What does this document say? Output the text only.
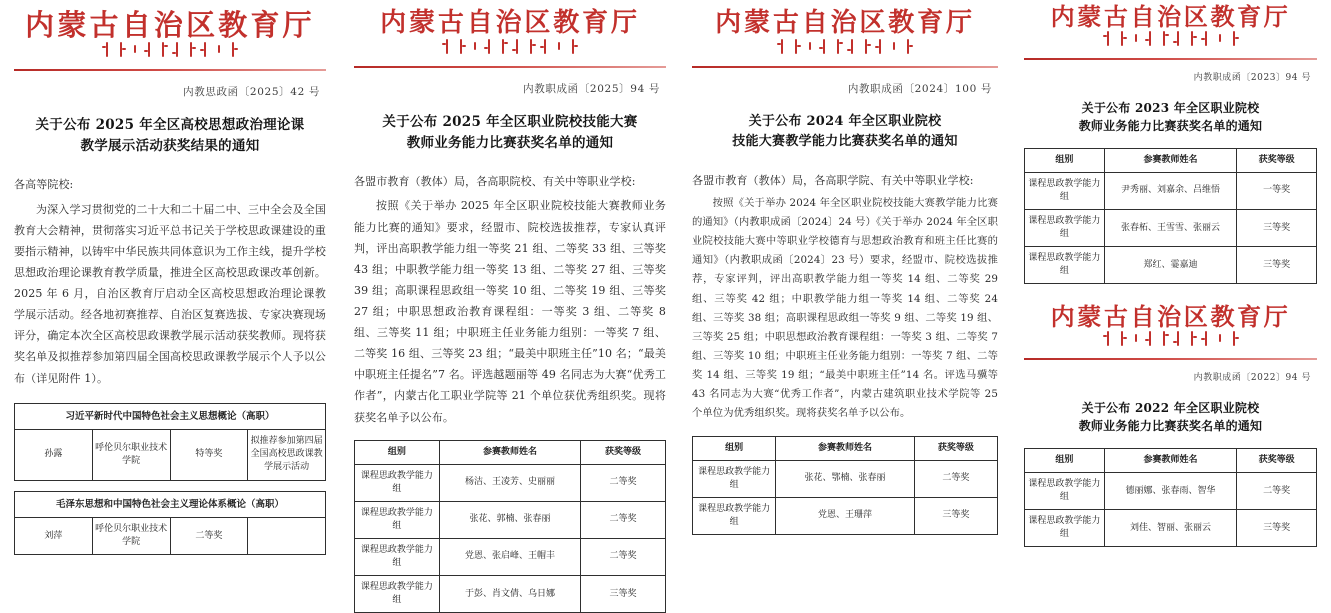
内蒙古自治区教育厅
内教思政函〔2025〕42 号
关于公布 2025 年全区高校思想政治理论课
教学展示活动获奖结果的通知
各高等院校:
为深入学习贯彻党的二十大和二十届二中、三中全会及全国教育大会精神，贯彻落实习近平总书记关于学校思政课建设的重要指示精神，以铸牢中华民族共同体意识为工作主线，提升学校思想政治理论课教育教学质量，推进全区高校思政课改革创新。2025 年 6 月，自治区教育厅启动全区高校思想政治理论课教学展示活动。经各地初赛推荐、自治区复赛选拔、专家决赛现场评分，确定本次全区高校思政课教学展示活动获奖教师。现将获奖名单及拟推荐参加第四届全国高校思政课教学展示个人予以公布（详见附件 1）。
习近平新时代中国特色社会主义思想概论（高职）
孙露	呼伦贝尔职业技术学院	特等奖	拟推荐参加第四届全国高校思政课教学展示活动
毛泽东思想和中国特色社会主义理论体系概论（高职）
刘萍	呼伦贝尔职业技术学院	二等奖	
内蒙古自治区教育厅
内教职成函〔2025〕94 号
关于公布 2025 年全区职业院校技能大赛
教师业务能力比赛获奖名单的通知
各盟市教育（教体）局，各高职院校、有关中等职业学校:
按照《关于举办 2025 年全区职业院校技能大赛教师业务能力比赛的通知》要求，经盟市、院校选拔推荐，专家认真评判，评出高职教学能力组一等奖 21 组、二等奖 33 组、三等奖 43 组；中职教学能力组一等奖 13 组、二等奖 27 组、三等奖 39 组；高职课程思政组一等奖 10 组、二等奖 19 组、三等奖 27 组；中职思想政治教育课程组：一等奖 3 组、二等奖 8 组、三等奖 11 组；中职班主任业务能力组别：一等奖 7 组、二等奖 16 组、三等奖 23 组；“最美中职班主任”10 名；“最美中职班主任提名”7 名。评选越题丽等 49 名同志为大赛“优秀工作者”，内蒙古化工职业学院等 21 个单位获优秀组织奖。现将获奖名单予以公布。
组别	参赛教师姓名	获奖等级
课程思政教学能力组	杨洁、王凌芳、史丽丽	二等奖
课程思政教学能力组	张花、郭楠、张春丽	二等奖
课程思政教学能力组	党恩、张启峰、王帽丰	二等奖
课程思政教学能力组	于彭、肖文倩、乌日娜	三等奖
内蒙古自治区教育厅
内教职成函〔2024〕100 号
关于公布 2024 年全区职业院校
技能大赛教学能力比赛获奖名单的通知
各盟市教育（教体）局，各高职学院、有关中等职业学校:
按照《关于举办 2024 年全区职业院校技能大赛教学能力比赛的通知》（内教职成函〔2024〕24 号）《关于举办 2024 年全区职业院校技能大赛中等职业学校德育与思想政治教育和班主任比赛的通知》（内教职成函〔2024〕23 号）要求，经盟市、院校选拔推荐，专家评判，评出高职教学能力组一等奖 14 组、二等奖 29 组、三等奖 42 组；中职教学能力组一等奖 14 组、二等奖 24 组、三等奖 38 组；高职课程思政组一等奖 9 组、二等奖 19 组、三等奖 25 组；中职思想政治教育课程组：一等奖 3 组、二等奖 7 组、三等奖 10 组；中职班主任业务能力组别：一等奖 7 组、二等奖 14 组、三等奖 19 组；“最美中职班主任”14 名。评选马骥等 43 名同志为大赛“优秀工作者”，内蒙古建筑职业技术学院等 25 个单位为优秀组织奖。现将获奖名单予以公布。
组别	参赛教师姓名	获奖等级
课程思政教学能力组	张花、鄂楠、张春丽	二等奖
课程思政教学能力组	党恩、王珊萍	三等奖
内蒙古自治区教育厅
内教职成函〔2023〕94 号
关于公布 2023 年全区职业院校
教师业务能力比赛获奖名单的通知
组别	参赛教师姓名	获奖等级
课程思政教学能力组	尹秀丽、刘嘉余、吕维悟	一等奖
课程思政教学能力组	张春柘、王雪雪、张丽云	三等奖
课程思政教学能力组	郑红、霎嘉迪	三等奖
内蒙古自治区教育厅
内教职成函〔2022〕94 号
关于公布 2022 年全区职业院校
教师业务能力比赛获奖名单的通知
组别	参赛教师姓名	获奖等级
课程思政教学能力组	德丽娜、张春雨、智华	二等奖
课程思政教学能力组	刘佳、智丽、张丽云	三等奖
